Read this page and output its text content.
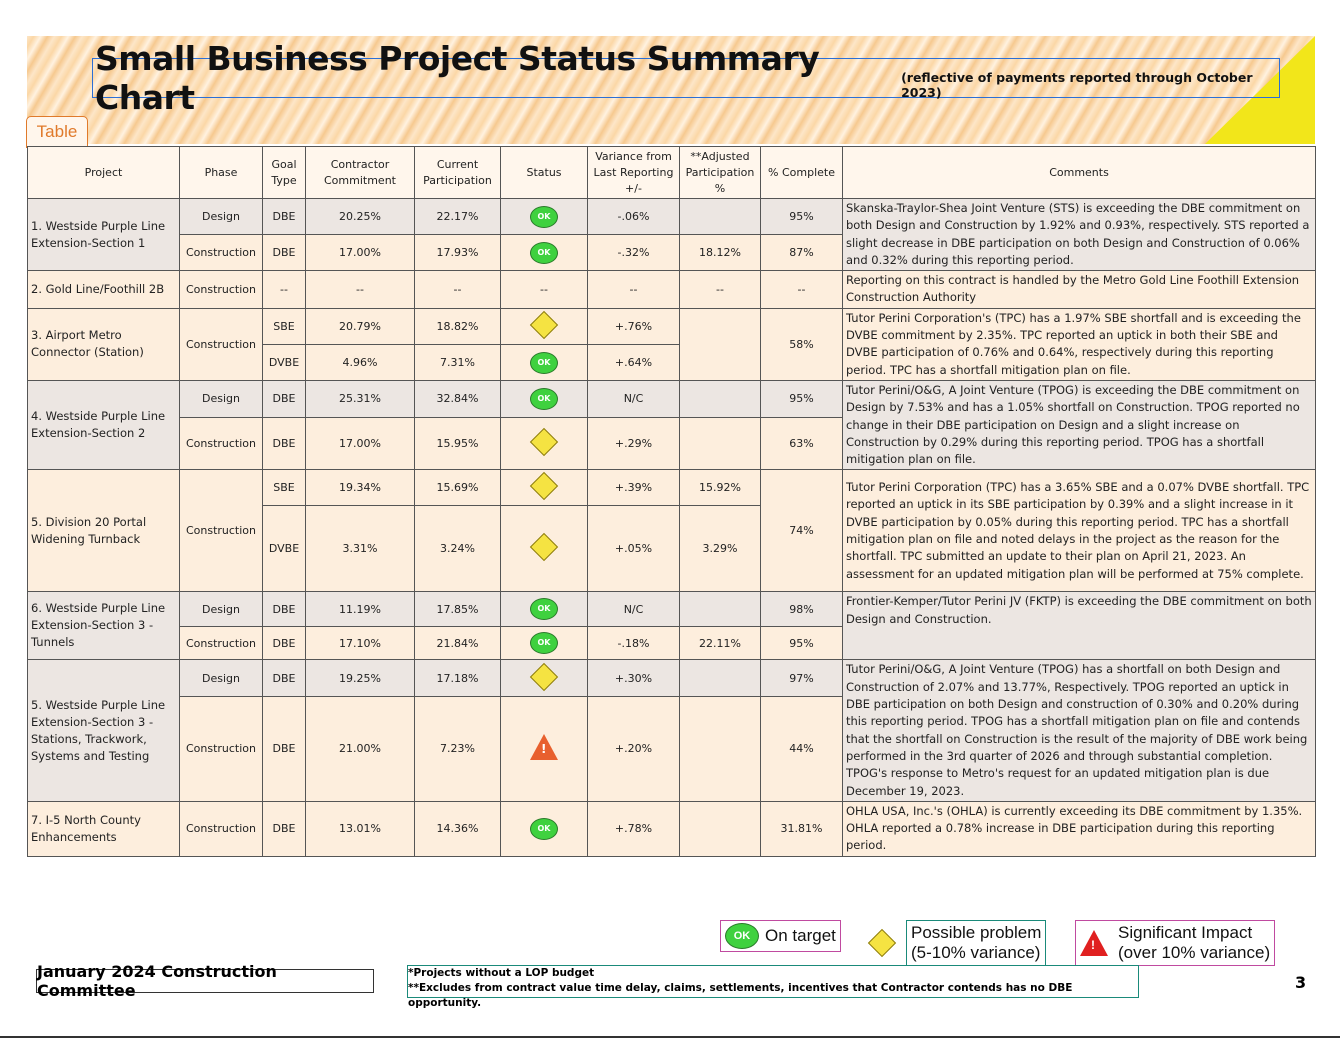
Small Business Project Status Summary Chart
(reflective of payments reported through October 2023)
Table
Project	Phase	Goal Type	Contractor Commitment	Current Participation	Status	Variance from Last Reporting +/-	**Adjusted Participation %	% Complete	Comments
1. Westside Purple Line Extension-Section 1	Design	DBE	20.25%	22.17%	OK	-.06%		95%	Skanska-Traylor-Shea Joint Venture (STS) is exceeding the DBE commitment on both Design and Construction by 1.92% and 0.93%, respectively. STS reported a slight decrease in DBE participation on both Design and Construction of 0.06% and 0.32% during this reporting period.
	Construction	DBE	17.00%	17.93%	OK	-.32%	18.12%	87%	
2. Gold Line/Foothill 2B	Construction	--	--	--	--	--	--	--	Reporting on this contract is handled by the Metro Gold Line Foothill Extension Construction Authority
3. Airport Metro Connector (Station)	Construction	SBE	20.79%	18.82%		+.76%		58%	Tutor Perini Corporation's (TPC) has a 1.97% SBE shortfall and is exceeding the DVBE commitment by 2.35%. TPC reported an uptick in both their SBE and DVBE participation of 0.76% and 0.64%, respectively during this reporting period. TPC has a shortfall mitigation plan on file.
		DVBE	4.96%	7.31%	OK	+.64%			
4. Westside Purple Line Extension-Section 2	Design	DBE	25.31%	32.84%	OK	N/C		95%	Tutor Perini/O&G, A Joint Venture (TPOG) is exceeding the DBE commitment on Design by 7.53% and has a 1.05% shortfall on Construction. TPOG reported no change in their DBE participation on Design and a slight increase on Construction by 0.29% during this reporting period. TPOG has a shortfall mitigation plan on file.
	Construction	DBE	17.00%	15.95%		+.29%		63%	
5. Division 20 Portal Widening Turnback	Construction	SBE	19.34%	15.69%		+.39%	15.92%	74%	Tutor Perini Corporation (TPC) has a 3.65% SBE and a 0.07% DVBE shortfall. TPC reported an uptick in its SBE participation by 0.39% and a slight increase in it DVBE participation by 0.05% during this reporting period. TPC has a shortfall mitigation plan on file and noted delays in the project as the reason for the shortfall. TPC submitted an update to their plan on April 21, 2023. An assessment for an updated mitigation plan will be performed at 75% complete.
		DVBE	3.31%	3.24%		+.05%	3.29%		
6. Westside Purple Line Extension-Section 3 - Tunnels	Design	DBE	11.19%	17.85%	OK	N/C		98%	Frontier-Kemper/Tutor Perini JV (FKTP) is exceeding the DBE commitment on both Design and Construction.
	Construction	DBE	17.10%	21.84%	OK	-.18%	22.11%	95%	
5. Westside Purple Line Extension-Section 3 - Stations, Trackwork, Systems and Testing	Design	DBE	19.25%	17.18%		+.30%		97%	Tutor Perini/O&G, A Joint Venture (TPOG) has a shortfall on both Design and Construction of 2.07% and 13.77%, Respectively. TPOG reported an uptick in DBE participation on both Design and construction of 0.30% and 0.20% during this reporting period. TPOG has a shortfall mitigation plan on file and contends that the shortfall on Construction is the result of the majority of DBE work being performed in the 3rd quarter of 2026 and through substantial completion. TPOG's response to Metro's request for an updated mitigation plan is due December 19, 2023.
	Construction	DBE	21.00%	7.23%	!	+.20%		44%	
7. I-5 North County Enhancements	Construction	DBE	13.01%	14.36%	OK	+.78%		31.81%	OHLA USA, Inc.'s (OHLA) is currently exceeding its DBE commitment by 1.35%. OHLA reported a 0.78% increase in DBE participation during this reporting period.
OK On target	Possible problem
(5-10% variance)	!
Significant Impact
(over 10% variance)
January 2024 Construction Committee
*Projects without a LOP budget
**Excludes from contract value time delay, claims, settlements, incentives that Contractor contends has no DBE opportunity.
3
